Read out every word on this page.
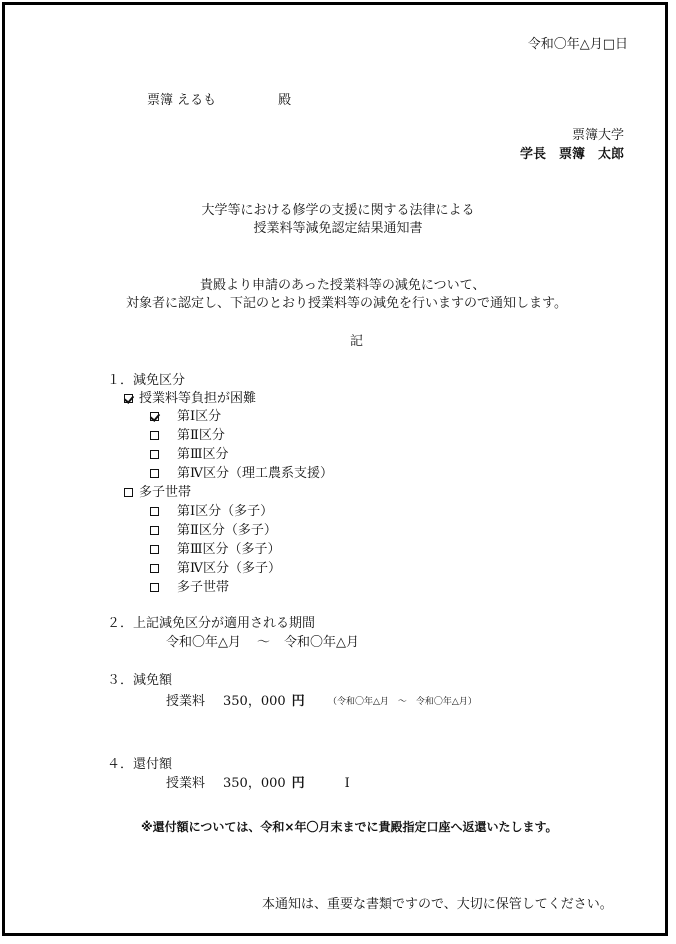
令和〇年△月□日
票簿 えるも	殿
票簿大学
学長　票簿　太郎
大学等における修学の支援に関する法律による
授業料等減免認定結果通知書
貴殿より申請のあった授業料等の減免について、
対象者に認定し、下記のとおり授業料等の減免を行いますので通知します。
記
１．減免区分
授業料等負担が困難
第Ⅰ区分
第Ⅱ区分
第Ⅲ区分
第Ⅳ区分（理工農系支援）
多子世帯
第Ⅰ区分（多子）
第Ⅱ区分（多子）
第Ⅲ区分（多子）
第Ⅳ区分（多子）
多子世帯
２．上記減免区分が適用される期間
令和〇年△月 ～ 令和〇年△月
３．減免額
授業料 350，000 円	（令和〇年△月　～　令和〇年△月）
４．還付額
授業料 350，000 円	I
※還付額については、令和×年〇月末までに貴殿指定口座へ返還いたします。
本通知は、重要な書類ですので、大切に保管してください。
